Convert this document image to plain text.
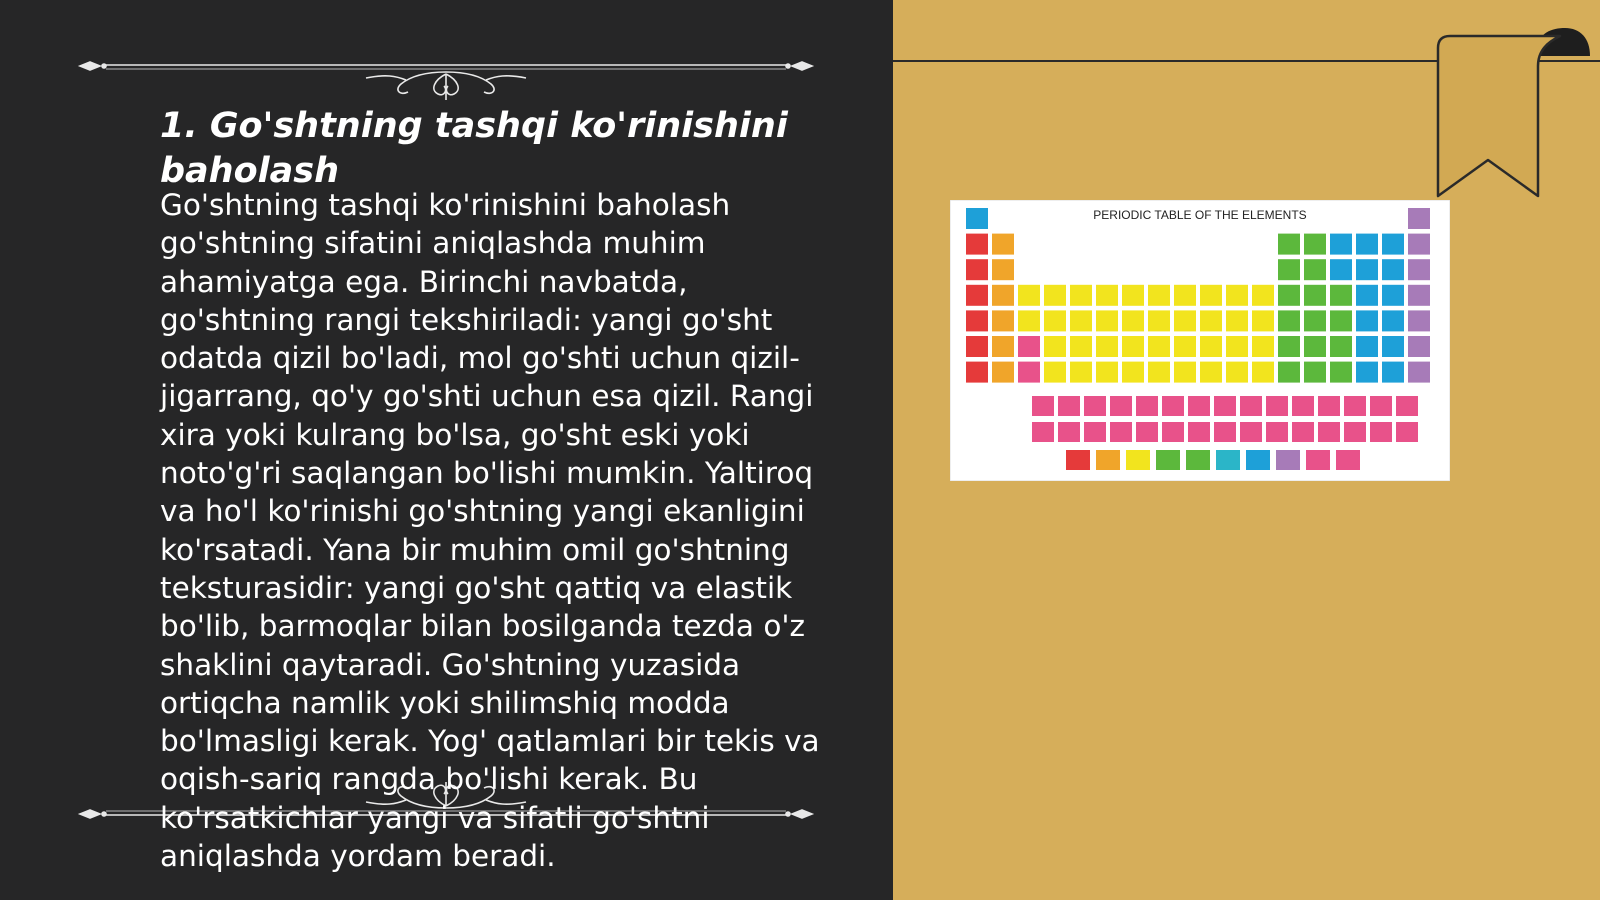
1. Go'shtning tashqi ko'rinishini baholash

Go'shtning tashqi ko'rinishini baholash go'shtning sifatini aniqlashda muhim ahamiyatga ega. Birinchi navbatda, go'shtning rangi tekshiriladi: yangi go'sht odatda qizil bo'ladi, mol go'shti uchun qizil-jigarrang, qo'y go'shti uchun esa qizil. Rangi xira yoki kulrang bo'lsa, go'sht eski yoki noto'g'ri saqlangan bo'lishi mumkin. Yaltiroq va ho'l ko'rinishi go'shtning yangi ekanligini ko'rsatadi. Yana bir muhim omil go'shtning teksturasidir: yangi go'sht qattiq va elastik bo'lib, barmoqlar bilan bosilganda tezda o'z shaklini qaytaradi. Go'shtning yuzasida ortiqcha namlik yoki shilimshiq modda bo'lmasligi kerak. Yog' qatlamlari bir tekis va oqish-sariq rangda bo'lishi kerak. Bu ko'rsatkichlar yangi va sifatli go'shtni aniqlashda yordam beradi.

PERIODIC TABLE OF THE ELEMENTS
